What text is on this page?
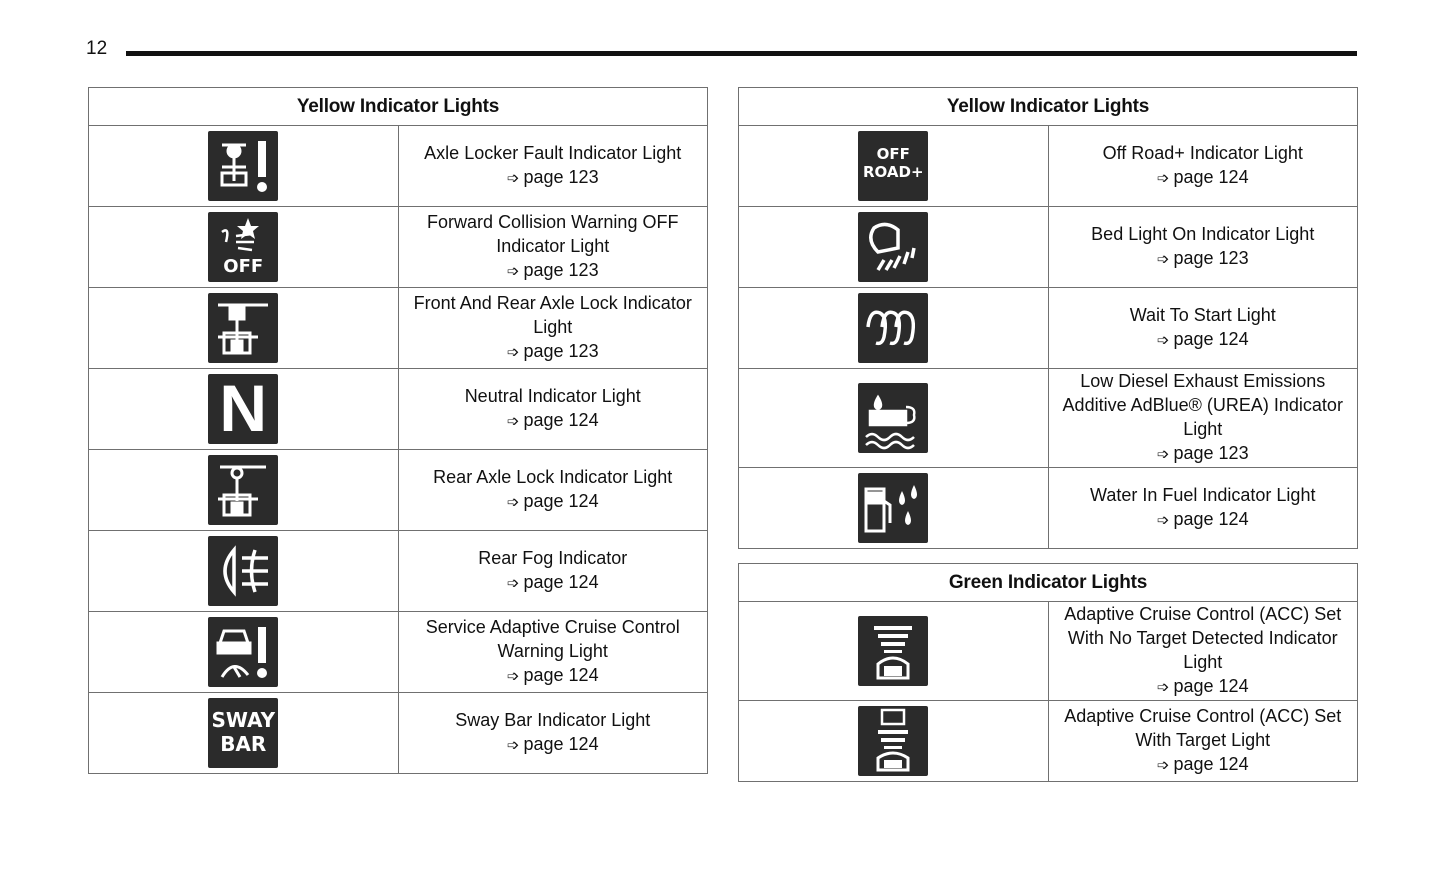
12
Yellow Indicator Lights	

	Axle Locker Fault Indicator Light
➩ page 123

OFF	Forward Collision Warning OFF Indicator Light
➩ page 123

	Front And Rear Axle Lock Indicator Light
➩ page 123

N	Neutral Indicator Light
➩ page 124

	Rear Axle Lock Indicator Light
➩ page 124

	Rear Fog Indicator
➩ page 124

	Service Adaptive Cruise Control Warning Light
➩ page 124

SWAY
BAR	Sway Bar Indicator Light
➩ page 124
Yellow Indicator Lights	

OFF
ROAD+	Off Road+ Indicator Light
➩ page 124

	Bed Light On Indicator Light
➩ page 123

	Wait To Start Light
➩ page 124

	Low Diesel Exhaust Emissions Additive AdBlue® (UREA) Indicator Light
➩ page 123

	Water In Fuel Indicator Light
➩ page 124
Green Indicator Lights	

	Adaptive Cruise Control (ACC) Set With No Target Detected Indicator Light
➩ page 124

	Adaptive Cruise Control (ACC) Set With Target Light
➩ page 124
